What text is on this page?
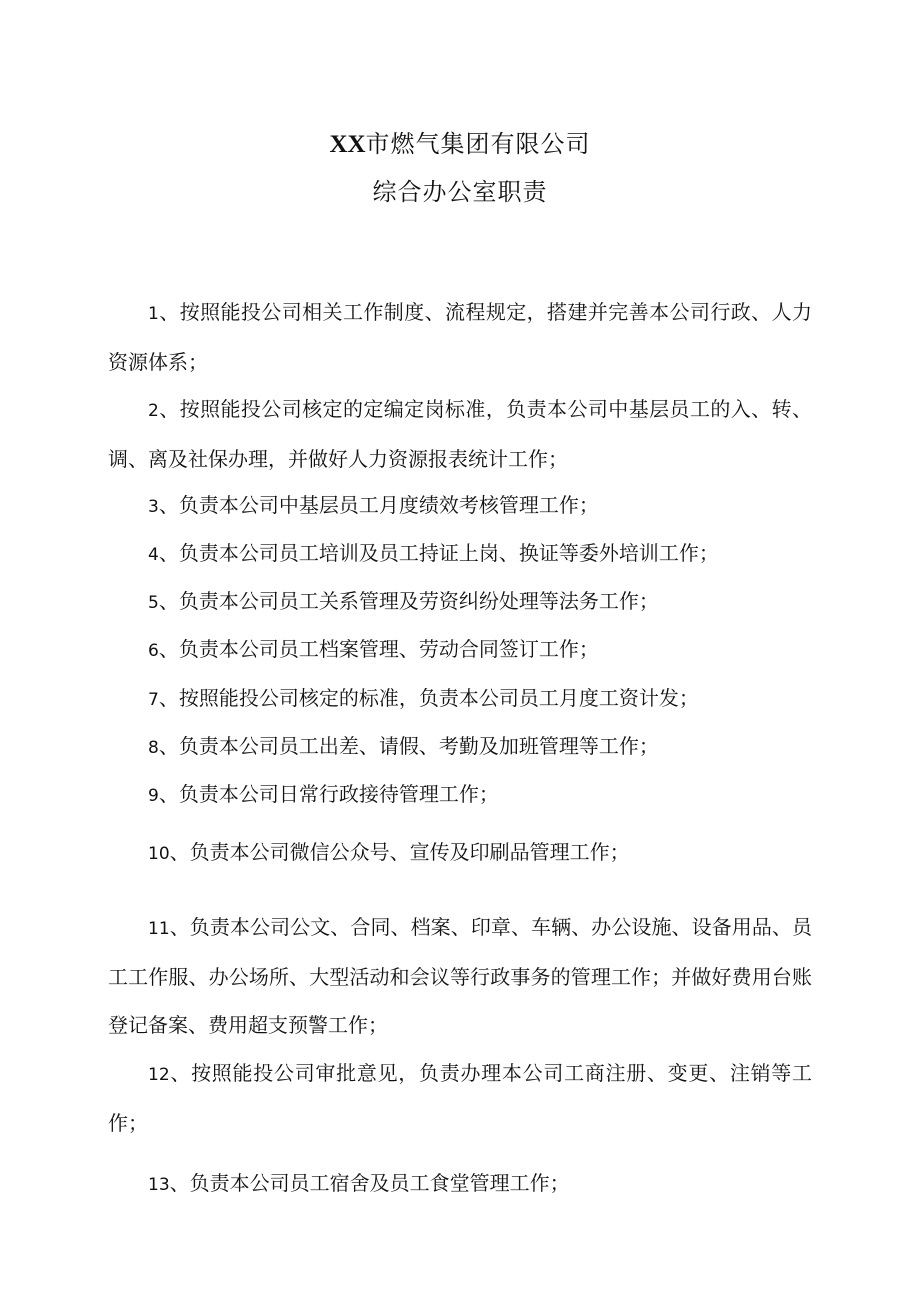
XX市燃气集团有限公司
综合办公室职责

1、按照能投公司相关工作制度、流程规定，搭建并完善本公司行政、人力资源体系；

2、按照能投公司核定的定编定岗标准，负责本公司中基层员工的入、转、调、离及社保办理，并做好人力资源报表统计工作；

3、负责本公司中基层员工月度绩效考核管理工作；

4、负责本公司员工培训及员工持证上岗、换证等委外培训工作；

5、负责本公司员工关系管理及劳资纠纷处理等法务工作；

6、负责本公司员工档案管理、劳动合同签订工作；

7、按照能投公司核定的标准，负责本公司员工月度工资计发；

8、负责本公司员工出差、请假、考勤及加班管理等工作；

9、负责本公司日常行政接待管理工作；

10、负责本公司微信公众号、宣传及印刷品管理工作；

11、负责本公司公文、合同、档案、印章、车辆、办公设施、设备用品、员工工作服、办公场所、大型活动和会议等行政事务的管理工作；并做好费用台账登记备案、费用超支预警工作；

12、按照能投公司审批意见，负责办理本公司工商注册、变更、注销等工作；

13、负责本公司员工宿舍及员工食堂管理工作；
